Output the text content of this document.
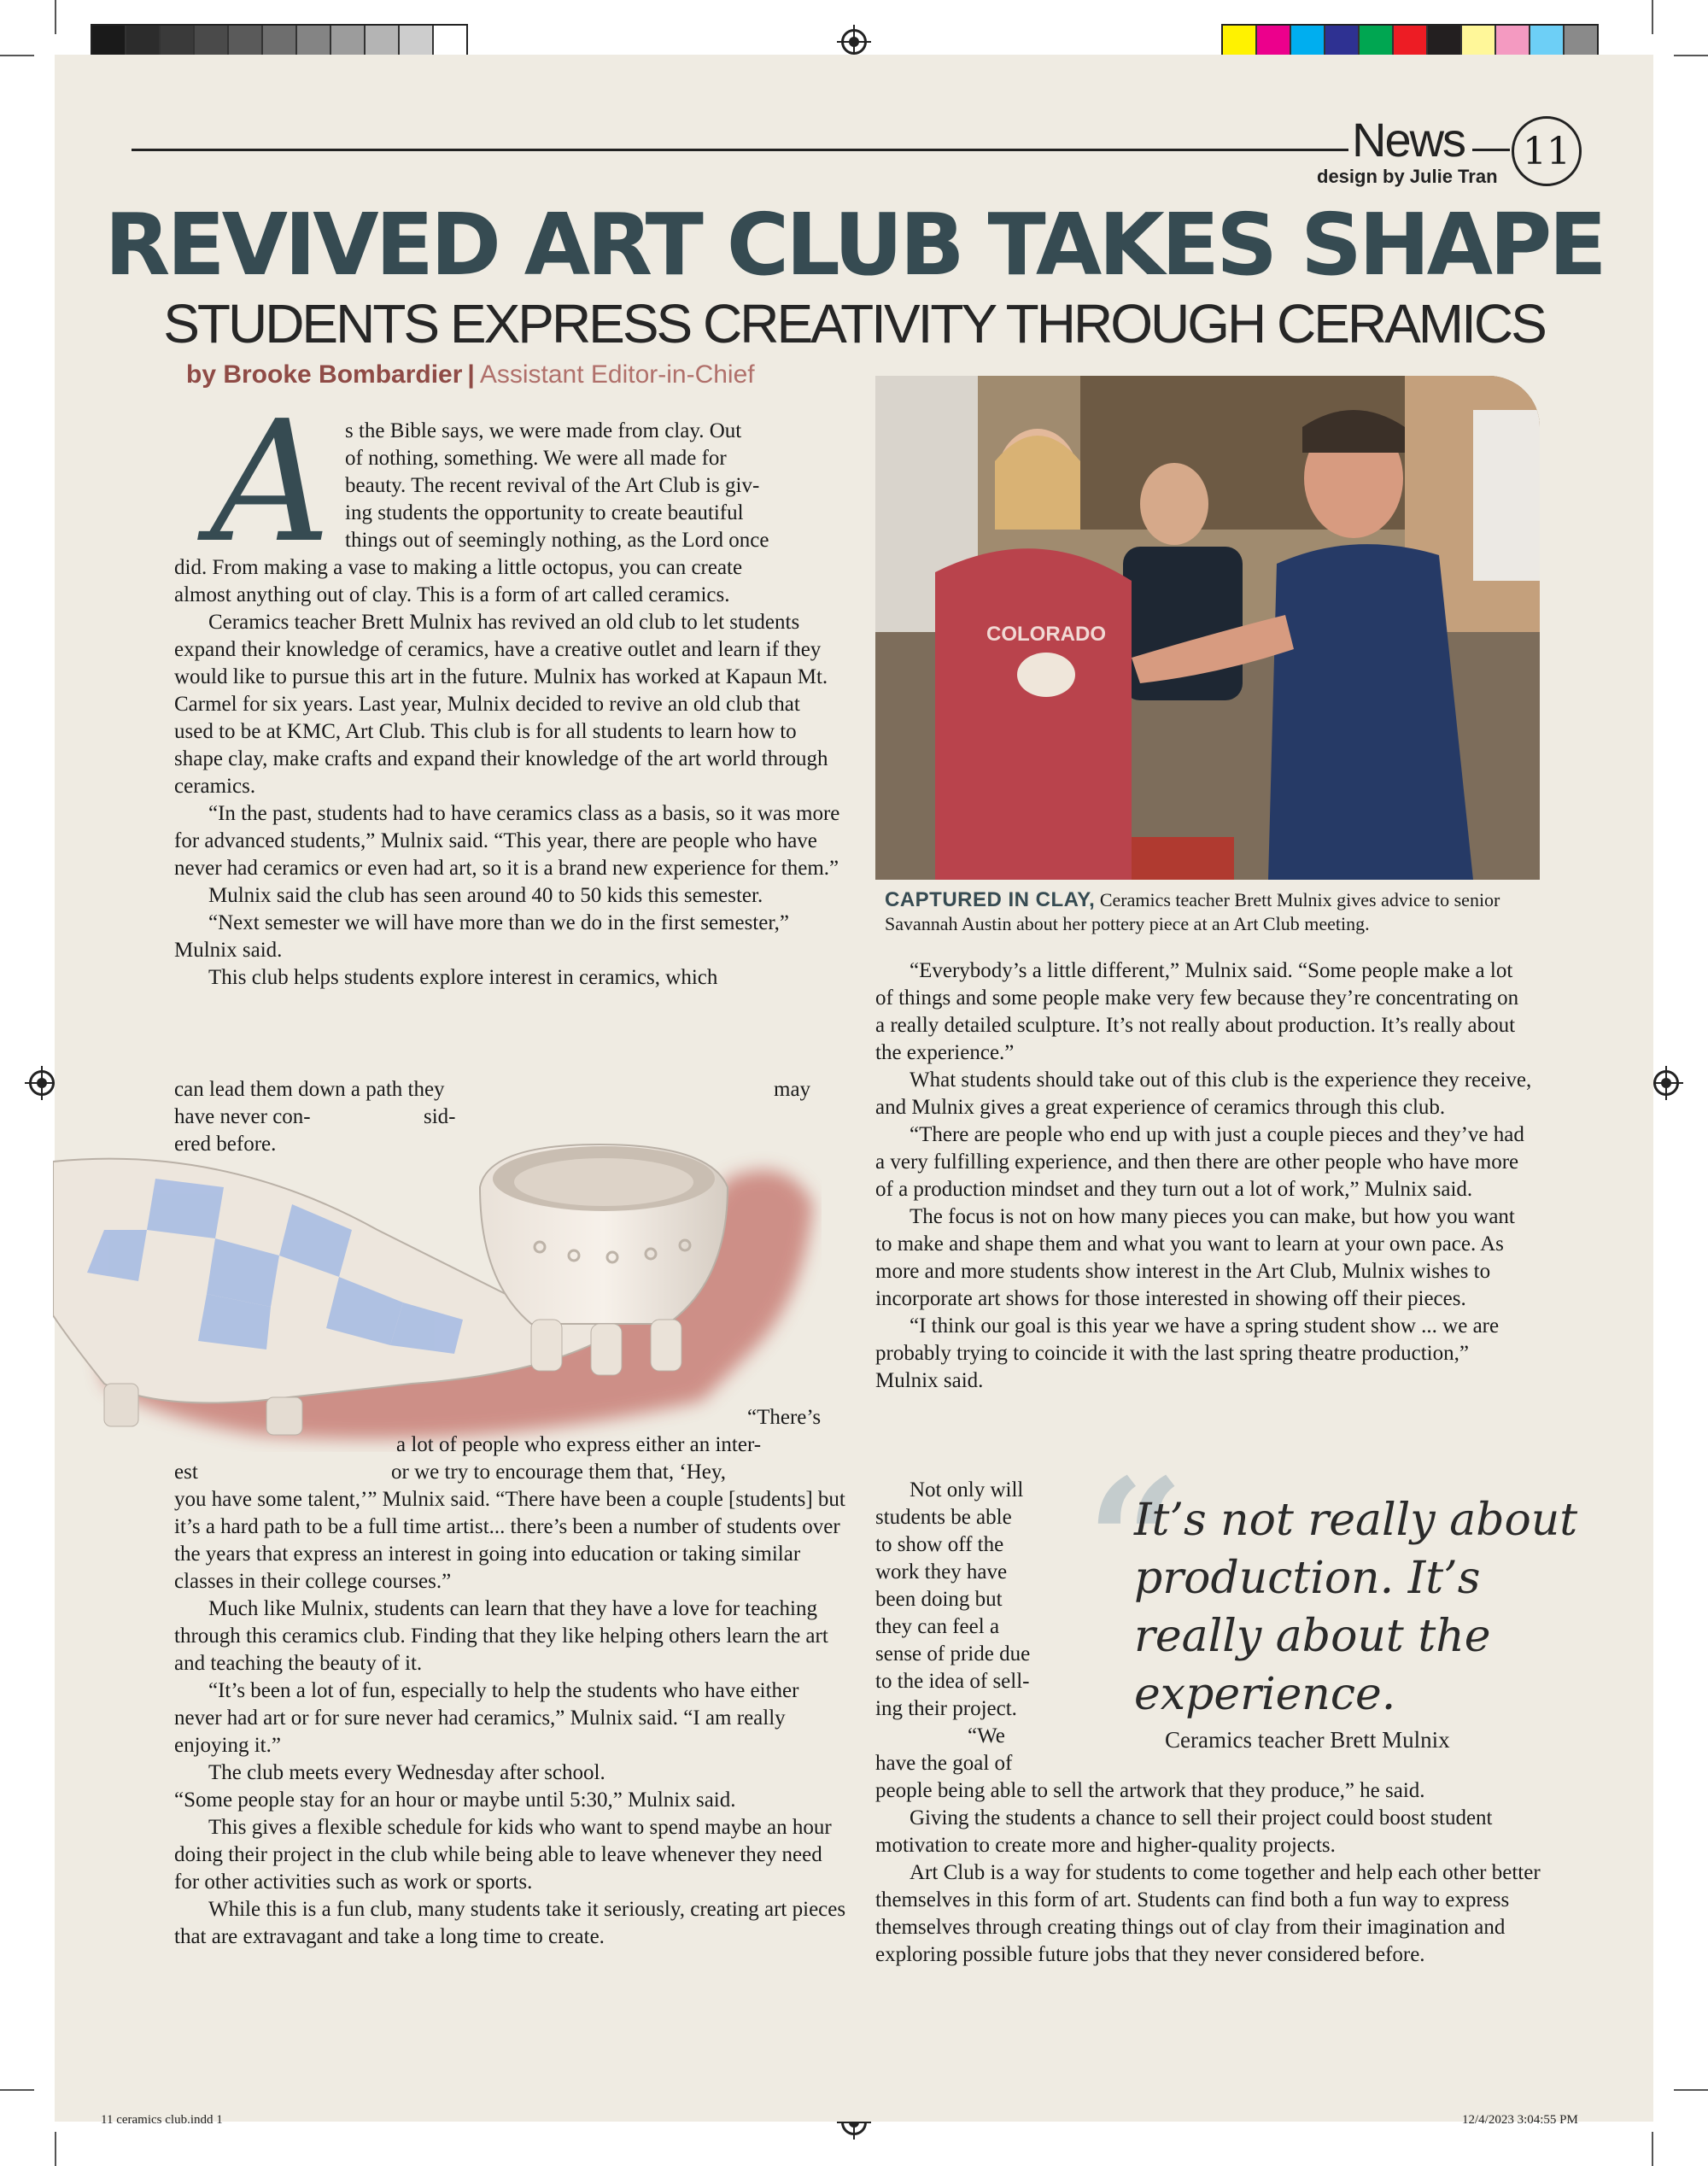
News 11
design by Julie Tran
REVIVED ART CLUB TAKES SHAPE
STUDENTS EXPRESS CREATIVITY THROUGH CERAMICS
by Brooke Bombardier | Assistant Editor-in-Chief
A s the Bible says, we were made from clay. Out

of nothing, something. We were all made for

beauty. The recent revival of the Art Club is giv-

ing students the opportunity to create beautiful

things out of seemingly nothing, as the Lord once

did. From making a vase to making a little octopus, you can create

almost anything out of clay. This is a form of art called ceramics.

Ceramics teacher Brett Mulnix has revived an old club to let students expand their knowledge of ceramics, have a creative outlet and learn if they would like to pursue this art in the future. Mulnix has worked at Kapaun Mt. Carmel for six years. Last year, Mulnix decided to revive an old club that used to be at KMC, Art Club. This club is for all students to learn how to shape clay, make crafts and expand their knowledge of the art world through ceramics.

“In the past, students had to have ceramics class as a basis, so it was more for advanced students,” Mulnix said. “This year, there are people who have never had ceramics or even had art, so it is a brand new experience for them.”

Mulnix said the club has seen around 40 to 50 kids this semester.

“Next semester we will have more than we do in the first semester,” Mulnix said.

This club helps students explore interest in ceramics, which

can lead them down a path they	may
have never con-	sid-
ered before.
“There’s
a lot of people who express either an inter-
est	or we try to encourage them that, ‘Hey,

you have some talent,’” Mulnix said. “There have been a couple [students] but it’s a hard path to be a full time artist... there’s been a number of students over the years that express an interest in going into education or taking similar classes in their college courses.”

Much like Mulnix, students can learn that they have a love for teaching through this ceramics club. Finding that they like helping others learn the art and teaching the beauty of it.

“It’s been a lot of fun, especially to help the students who have either never had art or for sure never had ceramics,” Mulnix said. “I am really enjoying it.”

The club meets every Wednesday after school.

“Some people stay for an hour or maybe until 5:30,” Mulnix said.

This gives a flexible schedule for kids who want to spend maybe an hour doing their project in the club while being able to leave whenever they need for other activities such as work or sports.

While this is a fun club, many students take it seriously, creating art pieces that are extravagant and take a long time to create.

COLORADO
CAPTURED IN CLAY, Ceramics teacher Brett Mulnix gives advice to senior Savannah Austin about her pottery piece at an Art Club meeting.

“Everybody’s a little different,” Mulnix said. “Some people make a lot of things and some people make very few because they’re concentrating on a really detailed sculpture. It’s not really about production. It’s really about the experience.”

What students should take out of this club is the experience they receive, and Mulnix gives a great experience of ceramics through this club.

“There are people who end up with just a couple pieces and they’ve had a very fulfilling experience, and then there are other people who have more of a production mindset and they turn out a lot of work,” Mulnix said.

The focus is not on how many pieces you can make, but how you want to make and shape them and what you want to learn at your own pace. As more and more students show interest in the Art Club, Mulnix wishes to incorporate art shows for those interested in showing off their pieces.

“I think our goal is this year we have a spring student show ... we are probably trying to coincide it with the last spring theatre production,” Mulnix said.

Not only will

students be able

to show off the

work they have

been doing but

they can feel a

sense of pride due

to the idea of sell-

ing their project.

“We

have the goal of

people being able to sell the artwork that they produce,” he said.

Giving the students a chance to sell their project could boost student motivation to create more and higher-quality projects.

Art Club is a way for students to come together and help each other better themselves in this form of art. Students can find both a fun way to express themselves through creating things out of clay from their imagination and exploring possible future jobs that they never considered before.

“
It’s not really about production. It’s really about the experience.
Ceramics teacher Brett Mulnix
11 ceramics club.indd 1	12/4/2023 3:04:55 PM
